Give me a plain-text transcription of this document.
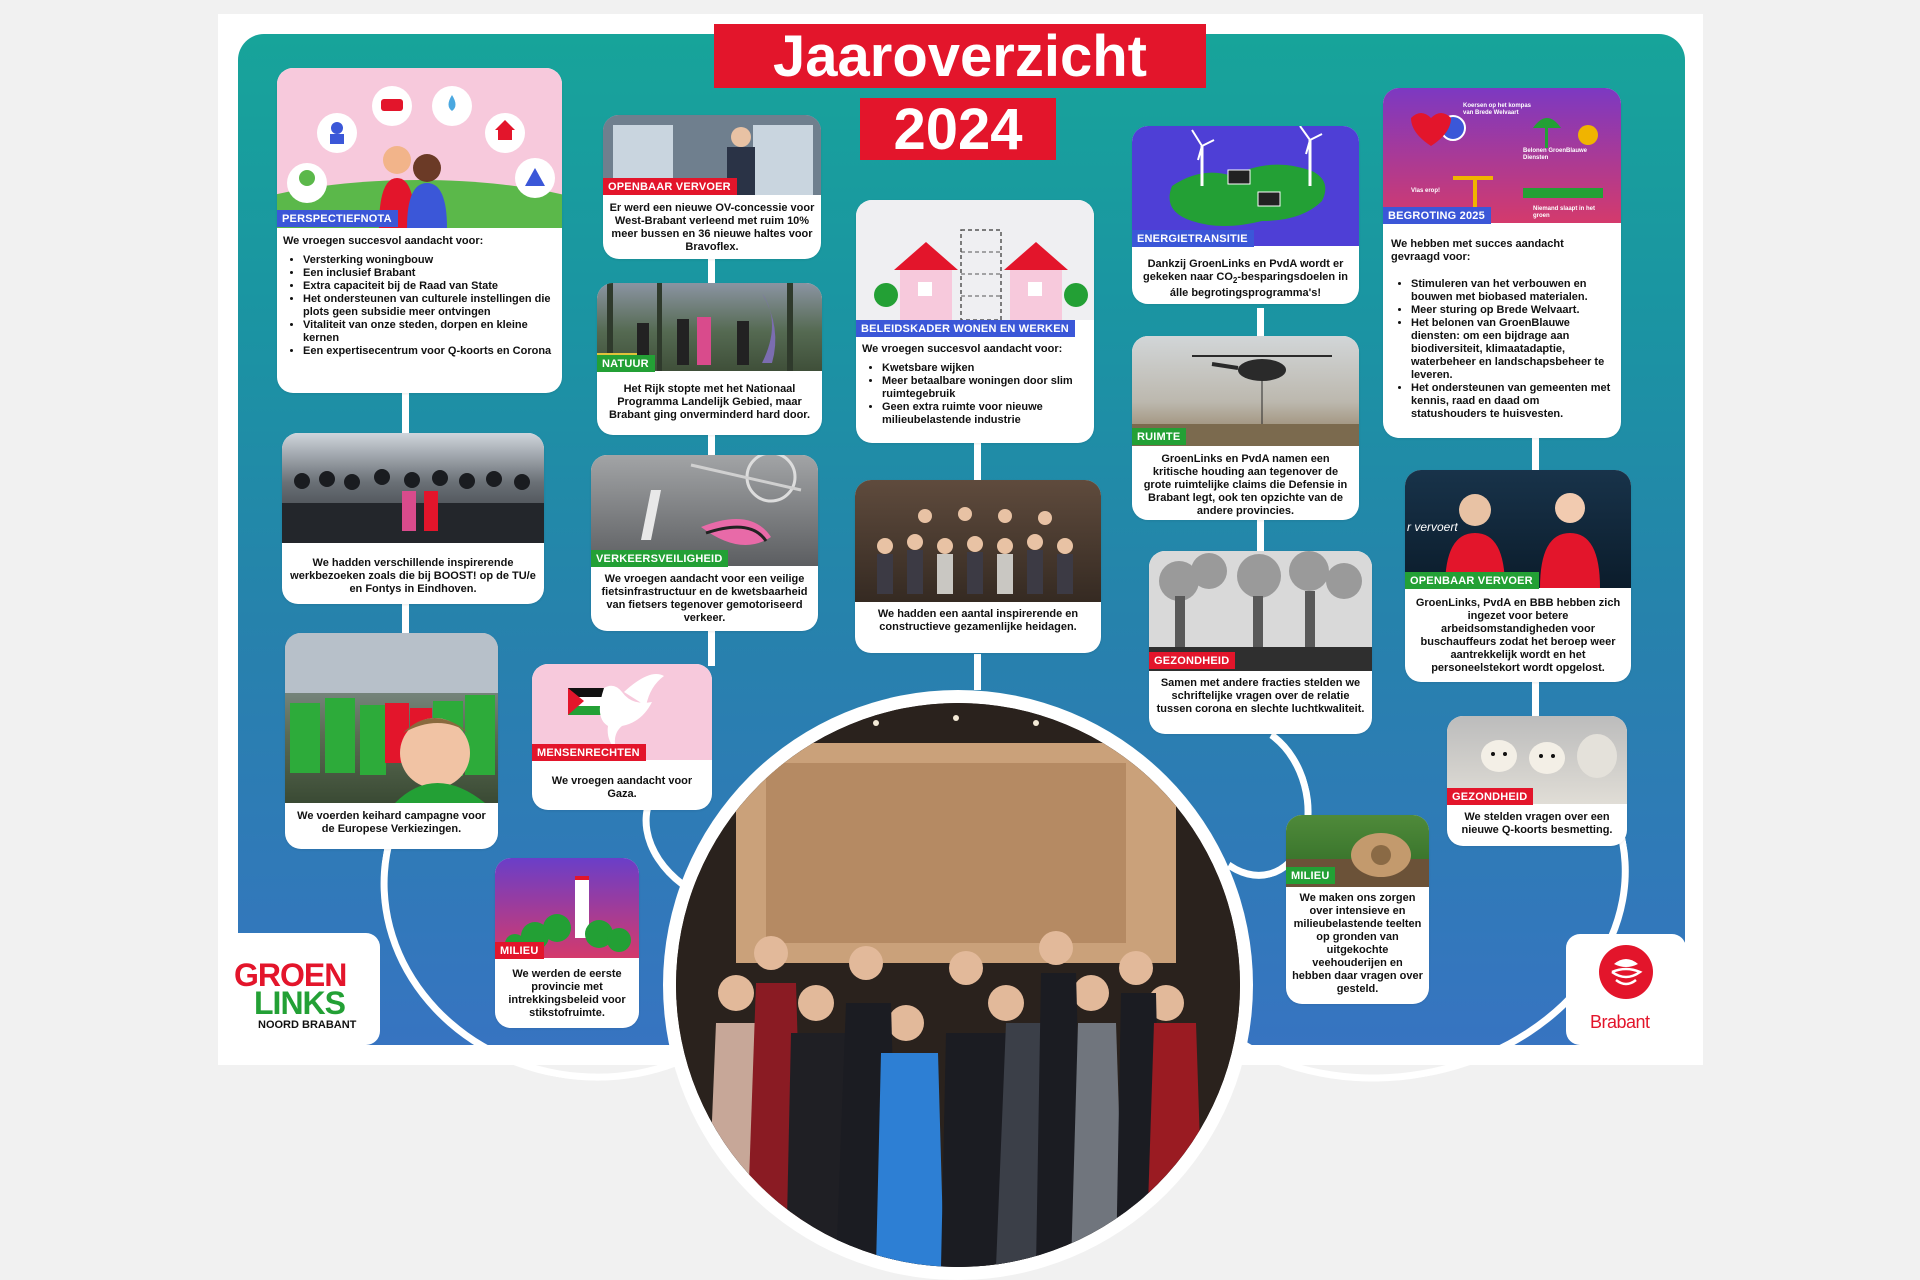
Jaaroverzicht
2024
PERSPECTIEFNOTA
We vroegen succesvol aandacht voor:
• Versterking woningbouw
• Een inclusief Brabant
• Extra capaciteit bij de Raad van State
• Het ondersteunen van culturele instellingen die plots geen subsidie meer ontvingen
• Vitaliteit van onze steden, dorpen en kleine kernen
• Een expertisecentrum voor Q-koorts en Corona
We hadden verschillende inspirerende werkbezoeken zoals die bij BOOST! op de TU/e en Fontys in Eindhoven.
We voerden keihard campagne voor de Europese Verkiezingen.
OPENBAAR VERVOER
Er werd een nieuwe OV-concessie voor West-Brabant verleend met ruim 10% meer bussen en 36 nieuwe haltes voor Bravoflex.
NATUUR
Het Rijk stopte met het Nationaal Programma Landelijk Gebied, maar Brabant ging onverminderd hard door.
VERKEERSVEILIGHEID
We vroegen aandacht voor een veilige fietsinfrastructuur en de kwetsbaarheid van fietsers tegenover gemotoriseerd verkeer.
MENSENRECHTEN
We vroegen aandacht voor Gaza.
MILIEU
We werden de eerste provincie met intrekkingsbeleid voor stikstofruimte.
BELEIDSKADER WONEN EN WERKEN
We vroegen succesvol aandacht voor:
• Kwetsbare wijken
• Meer betaalbare woningen door slim ruimtegebruik
• Geen extra ruimte voor nieuwe milieubelastende industrie
We hadden een aantal inspirerende en constructieve gezamenlijke heidagen.
ENERGIETRANSITIE
Dankzij GroenLinks en PvdA wordt er gekeken naar $CO_2$-besparingsdoelen in álle begrotingsprogramma's!
RUIMTE
GroenLinks en PvdA namen een kritische houding aan tegenover de grote ruimtelijke claims die Defensie in Brabant legt, ook ten opzichte van de andere provincies.
GEZONDHEID
Samen met andere fracties stelden we schriftelijke vragen over de relatie tussen corona en slechte luchtkwaliteit.
Koersen op het kompas van Brede Welvaart
Belonen GroenBlauwe Diensten
Vlas erop!
Niemand slaapt in het groen
BEGROTING 2025
We hebben met succes aandacht gevraagd voor:
• Stimuleren van het verbouwen en bouwen met biobased materialen.
• Meer sturing op Brede Welvaart.
• Het belonen van GroenBlauwe diensten: om een bijdrage aan biodiversiteit, klimaatadaptie, waterbeheer en landschapsbeheer te leveren.
• Het ondersteunen van gemeenten met kennis, raad en daad om statushouders te huisvesten.
r vervoert
OPENBAAR VERVOER
GroenLinks, PvdA en BBB hebben zich ingezet voor betere arbeidsomstandigheden voor buschauffeurs zodat het beroep weer aantrekkelijk wordt en het personeelstekort wordt opgelost.
GEZONDHEID
We stelden vragen over een nieuwe Q-koorts besmetting.
MILIEU
We maken ons zorgen over intensieve en milieubelastende teelten op gronden van uitgekochte veehouderijen en hebben daar vragen over gesteld.
GROEN
LINKS
NOORD BRABANT	Brabant
